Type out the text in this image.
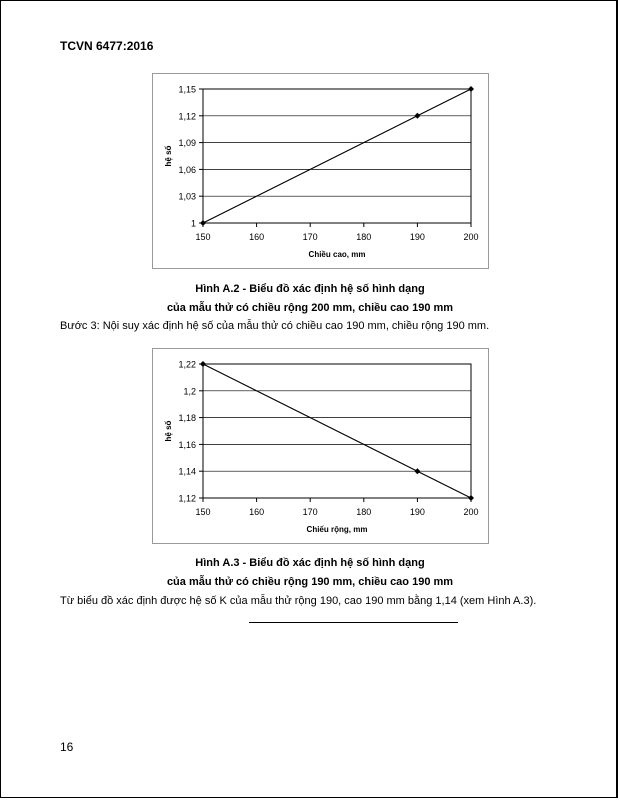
TCVN 6477:2016
1
1,03
1,06
1,09
1,12
1,15
150	160	170	180	190	200
Chiều cao, mm
hệ số
Hình A.2 - Biểu đồ xác định hệ số hình dạng
của mẫu thử có chiều rộng 200 mm, chiều cao 190 mm
Bước 3: Nội suy xác định hệ số của mẫu thử có chiều cao 190 mm, chiều rộng 190 mm.
1,12
1,14
1,16
1,18
1,2
1,22
150	160	170	180	190	200
Chiếu rộng, mm
hệ số
Hình A.3 - Biểu đồ xác định hệ số hình dạng
của mẫu thử có chiều rộng 190 mm, chiều cao 190 mm
Từ biểu đồ xác định được hệ số K của mẫu thử rộng 190, cao 190 mm bằng 1,14 (xem Hình A.3).
16
